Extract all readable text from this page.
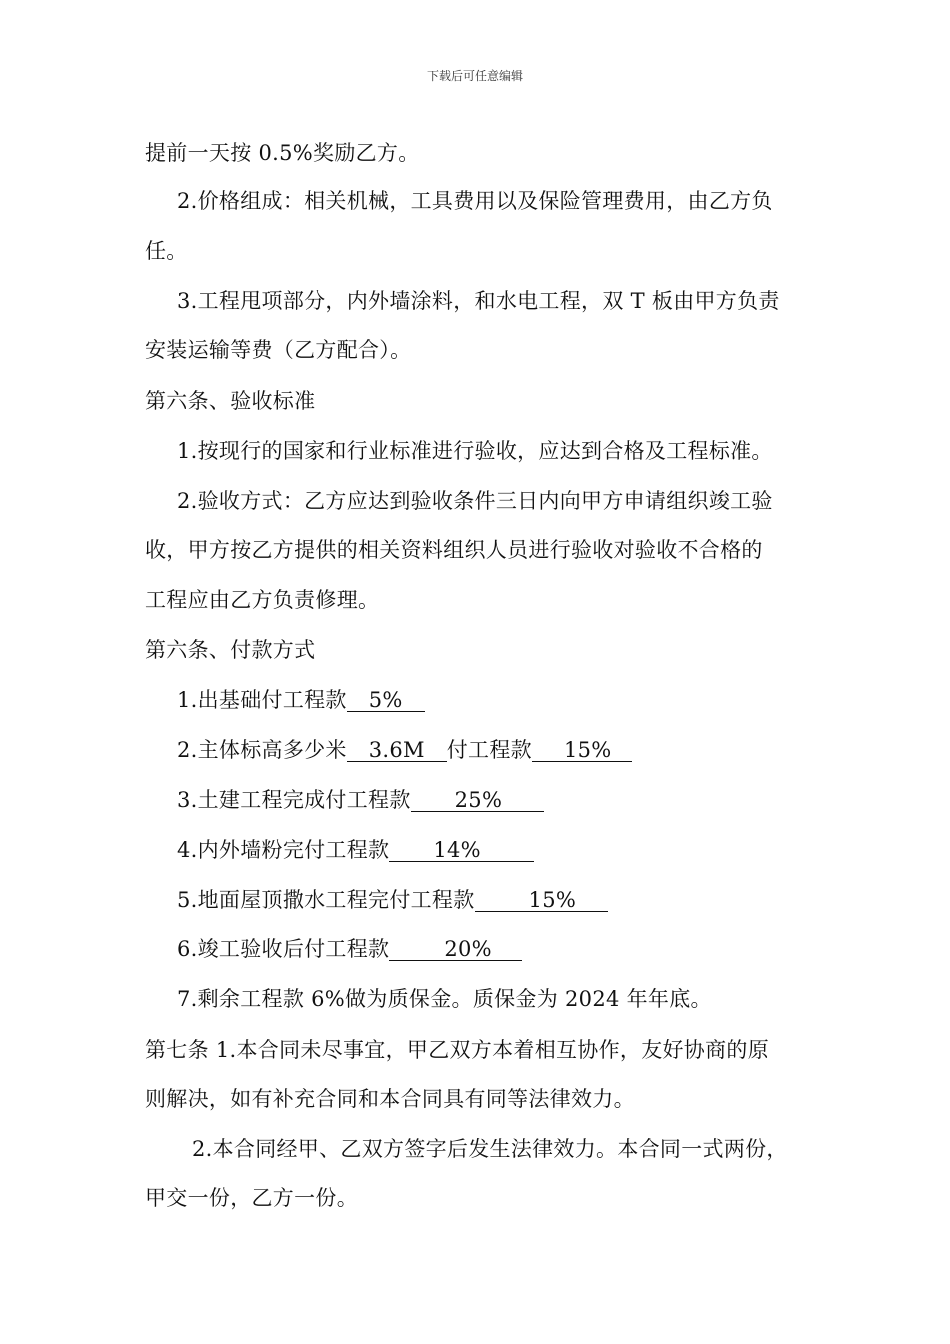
下载后可任意编辑
提前一天按 0.5%奖励乙方。
2.价格组成：相关机械，工具费用以及保险管理费用，由乙方负
任。
3.工程甩项部分，内外墙涂料，和水电工程，双 T 板由甲方负责
安装运输等费（乙方配合）。
第六条、验收标准
1.按现行的国家和行业标准进行验收，应达到合格及工程标准。
2.验收方式：乙方应达到验收条件三日内向甲方申请组织竣工验
收，甲方按乙方提供的相关资料组织人员进行验收对验收不合格的
工程应由乙方负责修理。
第六条、付款方式
1.出基础付工程款 5%
2.主体标高多少米 3.6M 付工程款 15%
3.土建工程完成付工程款 25%
4.内外墙粉完付工程款 14%
5.地面屋顶撒水工程完付工程款	15%
6.竣工验收后付工程款	20%
7.剩余工程款 6%做为质保金。质保金为 2024 年年底。
第七条 1.本合同未尽事宜，甲乙双方本着相互协作，友好协商的原
则解决，如有补充合同和本合同具有同等法律效力。
2.本合同经甲、乙双方签字后发生法律效力。本合同一式两份，
甲交一份，乙方一份。
